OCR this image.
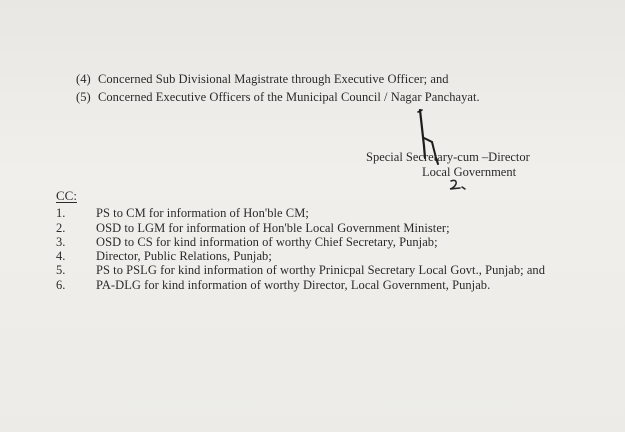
(4) Concerned Sub Divisional Magistrate through Executive Officer; and
(5) Concerned Executive Officers of the Municipal Council / Nagar Panchayat.
Special Secretary-cum –Director
Local Government
CC:
1. PS to CM for information of Hon'ble CM;
2. OSD to LGM for information of Hon'ble Local Government Minister;
3. OSD to CS for kind information of worthy Chief Secretary, Punjab;
4. Director, Public Relations, Punjab;
5. PS to PSLG for kind information of worthy Prinicpal Secretary Local Govt., Punjab; and
6. PA-DLG for kind information of worthy Director, Local Government, Punjab.
